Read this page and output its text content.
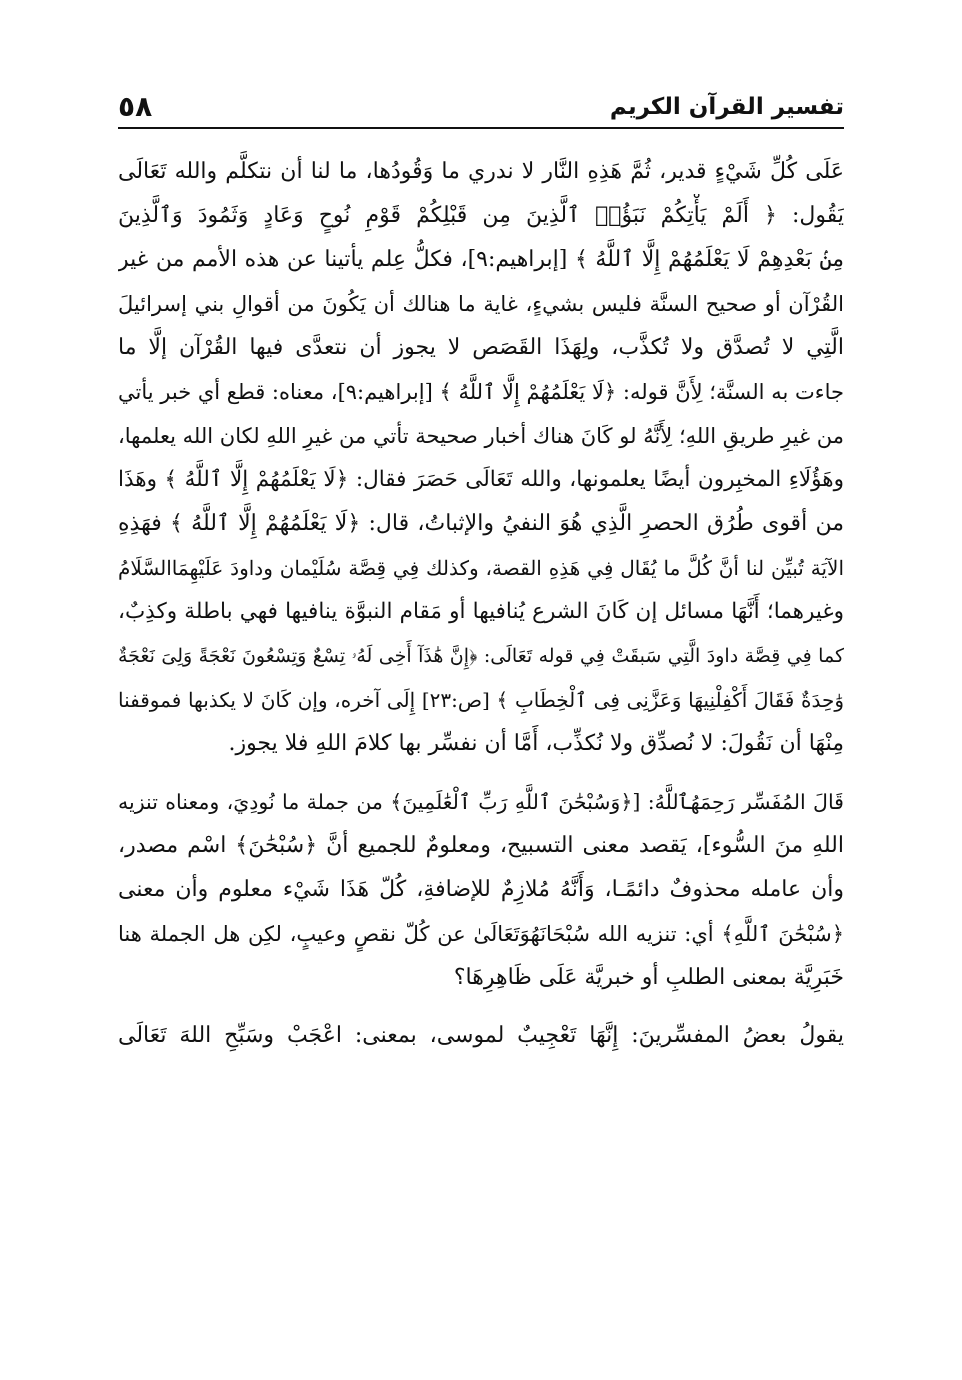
تفسير القرآن الكريم
٥٨
عَلَى كُلِّ شَيْءٍ قدير، ثُمَّ هَذِهِ النَّار لا ندري ما وَقُودُها، ما لنا أن نتكلَّم والله تَعَالَى
يَقُول: ﴿ أَلَمْ يَأْتِكُمْ نَبَؤُا۟ ٱلَّذِينَ مِن قَبْلِكُمْ قَوْمِ نُوحٍ وَعَادٍ وَثَمُودَ وَٱلَّذِينَ
مِنۢ بَعْدِهِمْ لَا يَعْلَمُهُمْ إِلَّا ٱللَّهُ ﴾ [إبراهيم:٩]، فكلُّ عِلم يأتينا عن هذه الأمم من غير
القُرْآن أو صحيح السنَّة فليس بشيءٍ، غاية ما هنالك أن يَكُونَ من أقوالِ بني إسرائيلَ
الَّتِي لا تُصدَّق ولا تُكذَّب، ولِهَذَا القَصَص لا يجوز أن نتعدَّى فيها القُرْآن إلَّا ما
جاءت به السنَّة؛ لِأَنَّ قوله: ﴿لَا يَعْلَمُهُمْ إِلَّا ٱللَّهُ ﴾ [إبراهيم:٩]، معناه: قطع أي خبر يأتي
من غيرِ طريقِ اللهِ؛ لِأَنَّهُ لو كَانَ هناك أخبار صحيحة تأتي من غيرِ اللهِ لكان الله يعلمها،
وهَؤُلَاءِ المخبِرون أيضًا يعلمونها، والله تَعَالَى حَصَرَ فقال: ﴿لَا يَعْلَمُهُمْ إِلَّا ٱللَّهُ ﴾ وهَذَا
من أقوى طُرُق الحصرِ الَّذِي هُوَ النفيُ والإثباتُ، قال: ﴿لَا يَعْلَمُهُمْ إِلَّا ٱللَّهُ ﴾ فهَذِهِ
الآيَة تُبيِّن لنا أنَّ كُلَّ ما يُقَال فِي هَذِهِ القصة، وكذلك فِي قِصَّة سُلَيْمان وداودَ عَلَيْهِمَاالسَّلَامُ
وغيرهما؛ أَنَّهَا مسائل إن كَانَ الشرع يُنافيها أو مَقام النبوَّة ينافيها فهي باطلة وكذِبٌ،
كما فِي قِصَّة داودَ الَّتِي سَبقَتْ فِي قوله تَعَالَى: ﴿إِنَّ هَٰذَآ أَخِى لَهُۥ تِسْعٌ وَتِسْعُونَ نَعْجَةً وَلِىَ نَعْجَةٌ
وَٰحِدَةٌ فَقَالَ أَكْفِلْنِيهَا وَعَزَّنِى فِى ٱلْخِطَابِ ﴾ [ص:٢٣] إِلَى آخره، وإن كَانَ لا يكذبها فموقفنا
مِنْهَا أن نَقُولَ: لا نُصدِّق ولا نُكذِّب، أَمَّا أن نفسِّر بها كلامَ اللهِ فلا يجوز.
قَالَ المُفَسِّر رَحِمَهُٱللَّهُ: [﴿وَسُبْحَٰنَ ٱللَّهِ رَبِّ ٱلْعَٰلَمِينَ﴾ من جملة ما نُودِيَ، ومعناه تنزيه
اللهِ منَ السُّوء]، يَقصد معنى التسبيح، ومعلومٌ للجميع أنَّ ﴿سُبْحَٰنَ﴾ اسْم مصدر،
وأن عامله محذوفٌ دائمًـا، وَأَنَّهُ مُلازِمٌ للإضافةِ، كُلّ هَذَا شَيْء معلوم وأن معنى
﴿سُبْحَٰنَ ٱللَّهِ﴾ أي: تنزيه الله سُبْحَانَهُوَتَعَالَىٰ عن كُلّ نقصٍ وعيبٍ، لكِن هل الجملة هنا
خَبَرِيَّة بمعنى الطلبِ أو خبريَّة عَلَى ظَاهِرِهَا؟
يقولُ بعضُ المفسِّرينَ: إِنَّهَا تَعْجِيبٌ لموسى، بمعنى: اعْجَبْ وسَبِّحِ اللهَ تَعَالَى
